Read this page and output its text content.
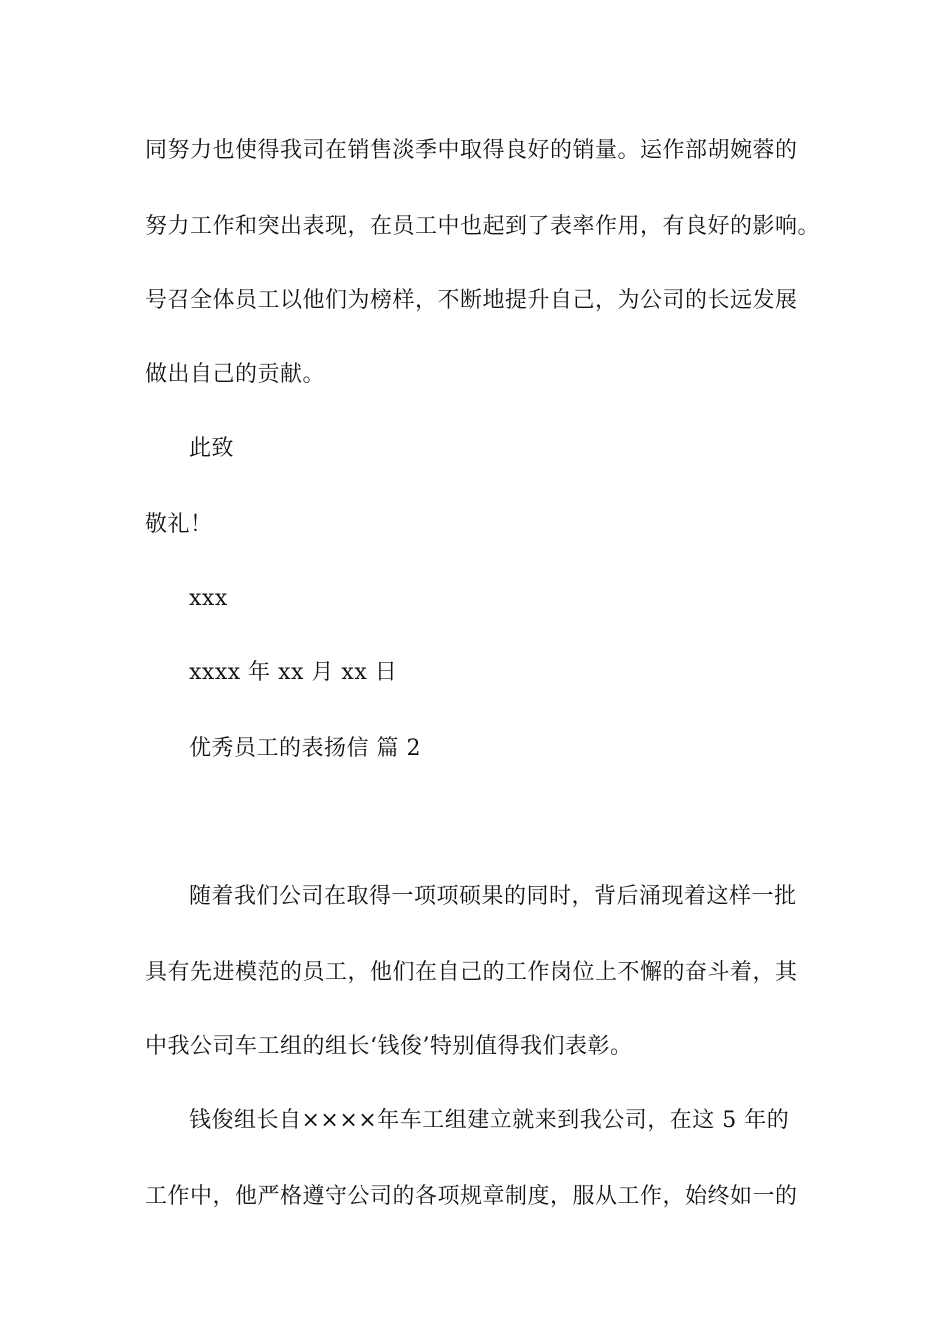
同努力也使得我司在销售淡季中取得良好的销量。运作部胡婉蓉的
努力工作和突出表现，在员工中也起到了表率作用，有良好的影响。
号召全体员工以他们为榜样，不断地提升自己，为公司的长远发展
做出自己的贡献。
此致
敬礼！
xxx
xxxx 年 xx 月 xx 日
优秀员工的表扬信 篇 2
随着我们公司在取得一项项硕果的同时，背后涌现着这样一批
具有先进模范的员工，他们在自己的工作岗位上不懈的奋斗着，其
中我公司车工组的组长‘钱俊’特别值得我们表彰。
钱俊组长自××××年车工组建立就来到我公司，在这 5 年的
工作中，他严格遵守公司的各项规章制度，服从工作，始终如一的
